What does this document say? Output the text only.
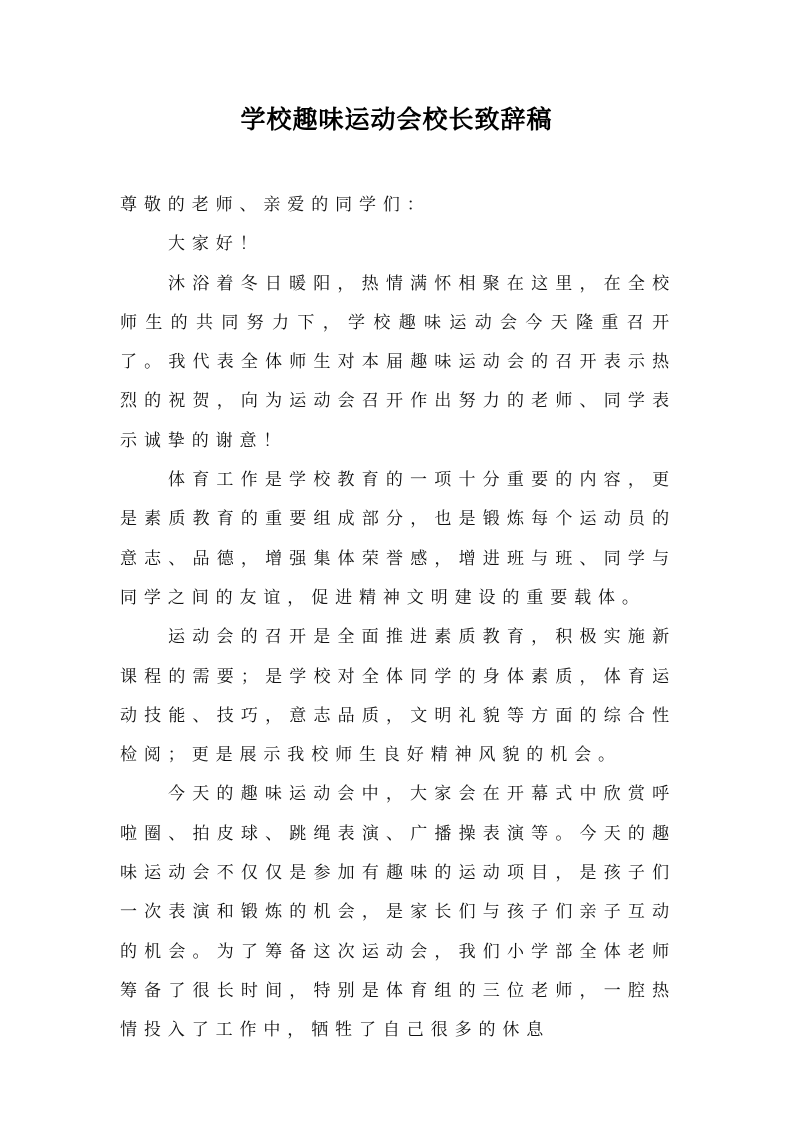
学校趣味运动会校长致辞稿

尊敬的老师、亲爱的同学们：

大家好！

沐浴着冬日暖阳，热情满怀相聚在这里，在全校师生的共同努力下，学校趣味运动会今天隆重召开了。我代表全体师生对本届趣味运动会的召开表示热烈的祝贺，向为运动会召开作出努力的老师、同学表示诚挚的谢意！

体育工作是学校教育的一项十分重要的内容，更是素质教育的重要组成部分，也是锻炼每个运动员的意志、品德，增强集体荣誉感，增进班与班、同学与同学之间的友谊，促进精神文明建设的重要载体。

运动会的召开是全面推进素质教育，积极实施新课程的需要；是学校对全体同学的身体素质，体育运动技能、技巧，意志品质，文明礼貌等方面的综合性检阅；更是展示我校师生良好精神风貌的机会。

今天的趣味运动会中，大家会在开幕式中欣赏呼啦圈、拍皮球、跳绳表演、广播操表演等。今天的趣味运动会不仅仅是参加有趣味的运动项目，是孩子们一次表演和锻炼的机会，是家长们与孩子们亲子互动的机会。为了筹备这次运动会，我们小学部全体老师筹备了很长时间，特别是体育组的三位老师，一腔热情投入了工作中，牺牲了自己很多的休息
